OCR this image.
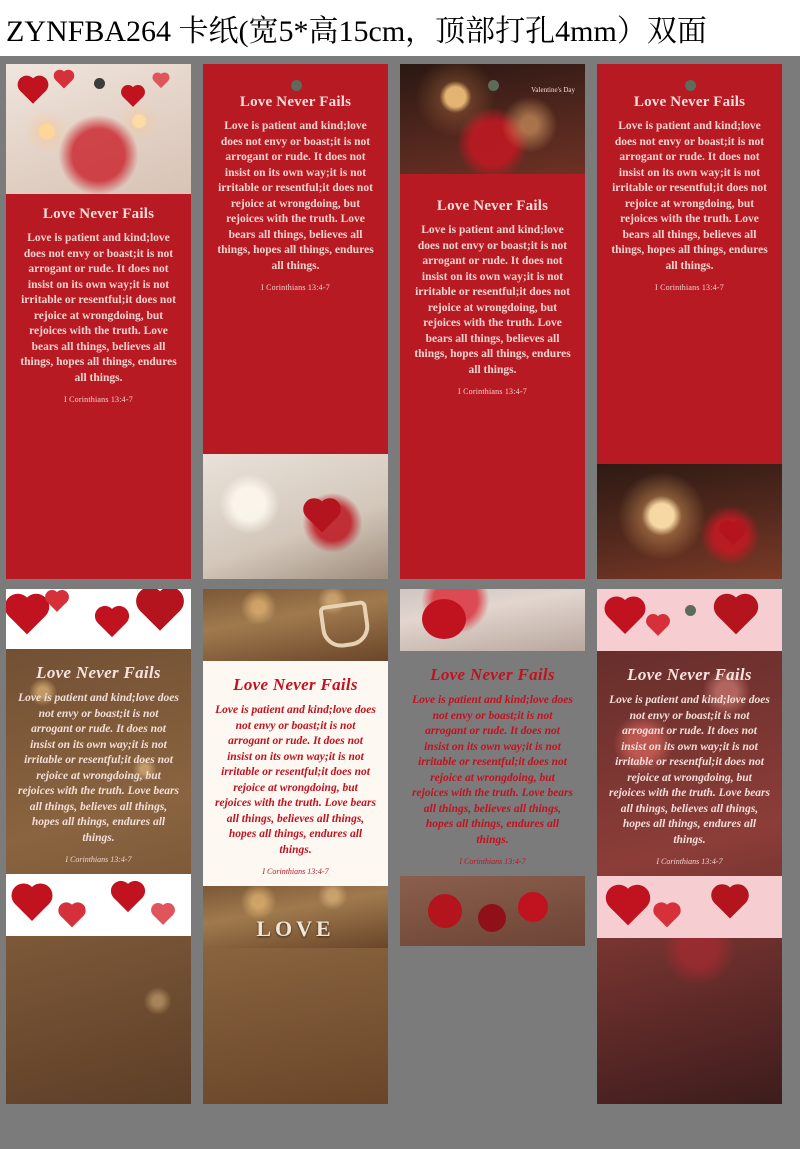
ZYNFBA264 卡纸(宽5*高15cm，顶部打孔4mm）双面
Love Never Fails
Love is patient and kind;love does not envy or boast;it is not arrogant or rude. It does not insist on its own way;it is not irritable or resentful;it does not rejoice at wrongdoing, but rejoices with the truth. Love bears all things, believes all things, hopes all things, endures all things.
I Corinthians 13:4-7
Love Never Fails
Love is patient and kind;love does not envy or boast;it is not arrogant or rude. It does not insist on its own way;it is not irritable or resentful;it does not rejoice at wrongdoing, but rejoices with the truth. Love bears all things, believes all things, hopes all things, endures all things.
I Corinthians 13:4-7
Valentine's Day
Love Never Fails
Love is patient and kind;love does not envy or boast;it is not arrogant or rude. It does not insist on its own way;it is not irritable or resentful;it does not rejoice at wrongdoing, but rejoices with the truth. Love bears all things, believes all things, hopes all things, endures all things.
I Corinthians 13:4-7
Love Never Fails
Love is patient and kind;love does not envy or boast;it is not arrogant or rude. It does not insist on its own way;it is not irritable or resentful;it does not rejoice at wrongdoing, but rejoices with the truth. Love bears all things, believes all things, hopes all things, endures all things.
I Corinthians 13:4-7
Love Never Fails
Love is patient and kind;love does not envy or boast;it is not arrogant or rude. It does not insist on its own way;it is not irritable or resentful;it does not rejoice at wrongdoing, but rejoices with the truth. Love bears all things, believes all things, hopes all things, endures all things.
I Corinthians 13:4-7
Love Never Fails
Love is patient and kind;love does not envy or boast;it is not arrogant or rude. It does not insist on its own way;it is not irritable or resentful;it does not rejoice at wrongdoing, but rejoices with the truth. Love bears all things, believes all things, hopes all things, endures all things.
I Corinthians 13:4-7
LOVE
Love Never Fails
Love is patient and kind;love does not envy or boast;it is not arrogant or rude. It does not insist on its own way;it is not irritable or resentful;it does not rejoice at wrongdoing, but rejoices with the truth. Love bears all things, believes all things, hopes all things, endures all things.
I Corinthians 13:4-7
Love Never Fails
Love is patient and kind;love does not envy or boast;it is not arrogant or rude. It does not insist on its own way;it is not irritable or resentful;it does not rejoice at wrongdoing, but rejoices with the truth. Love bears all things, believes all things, hopes all things, endures all things.
I Corinthians 13:4-7
